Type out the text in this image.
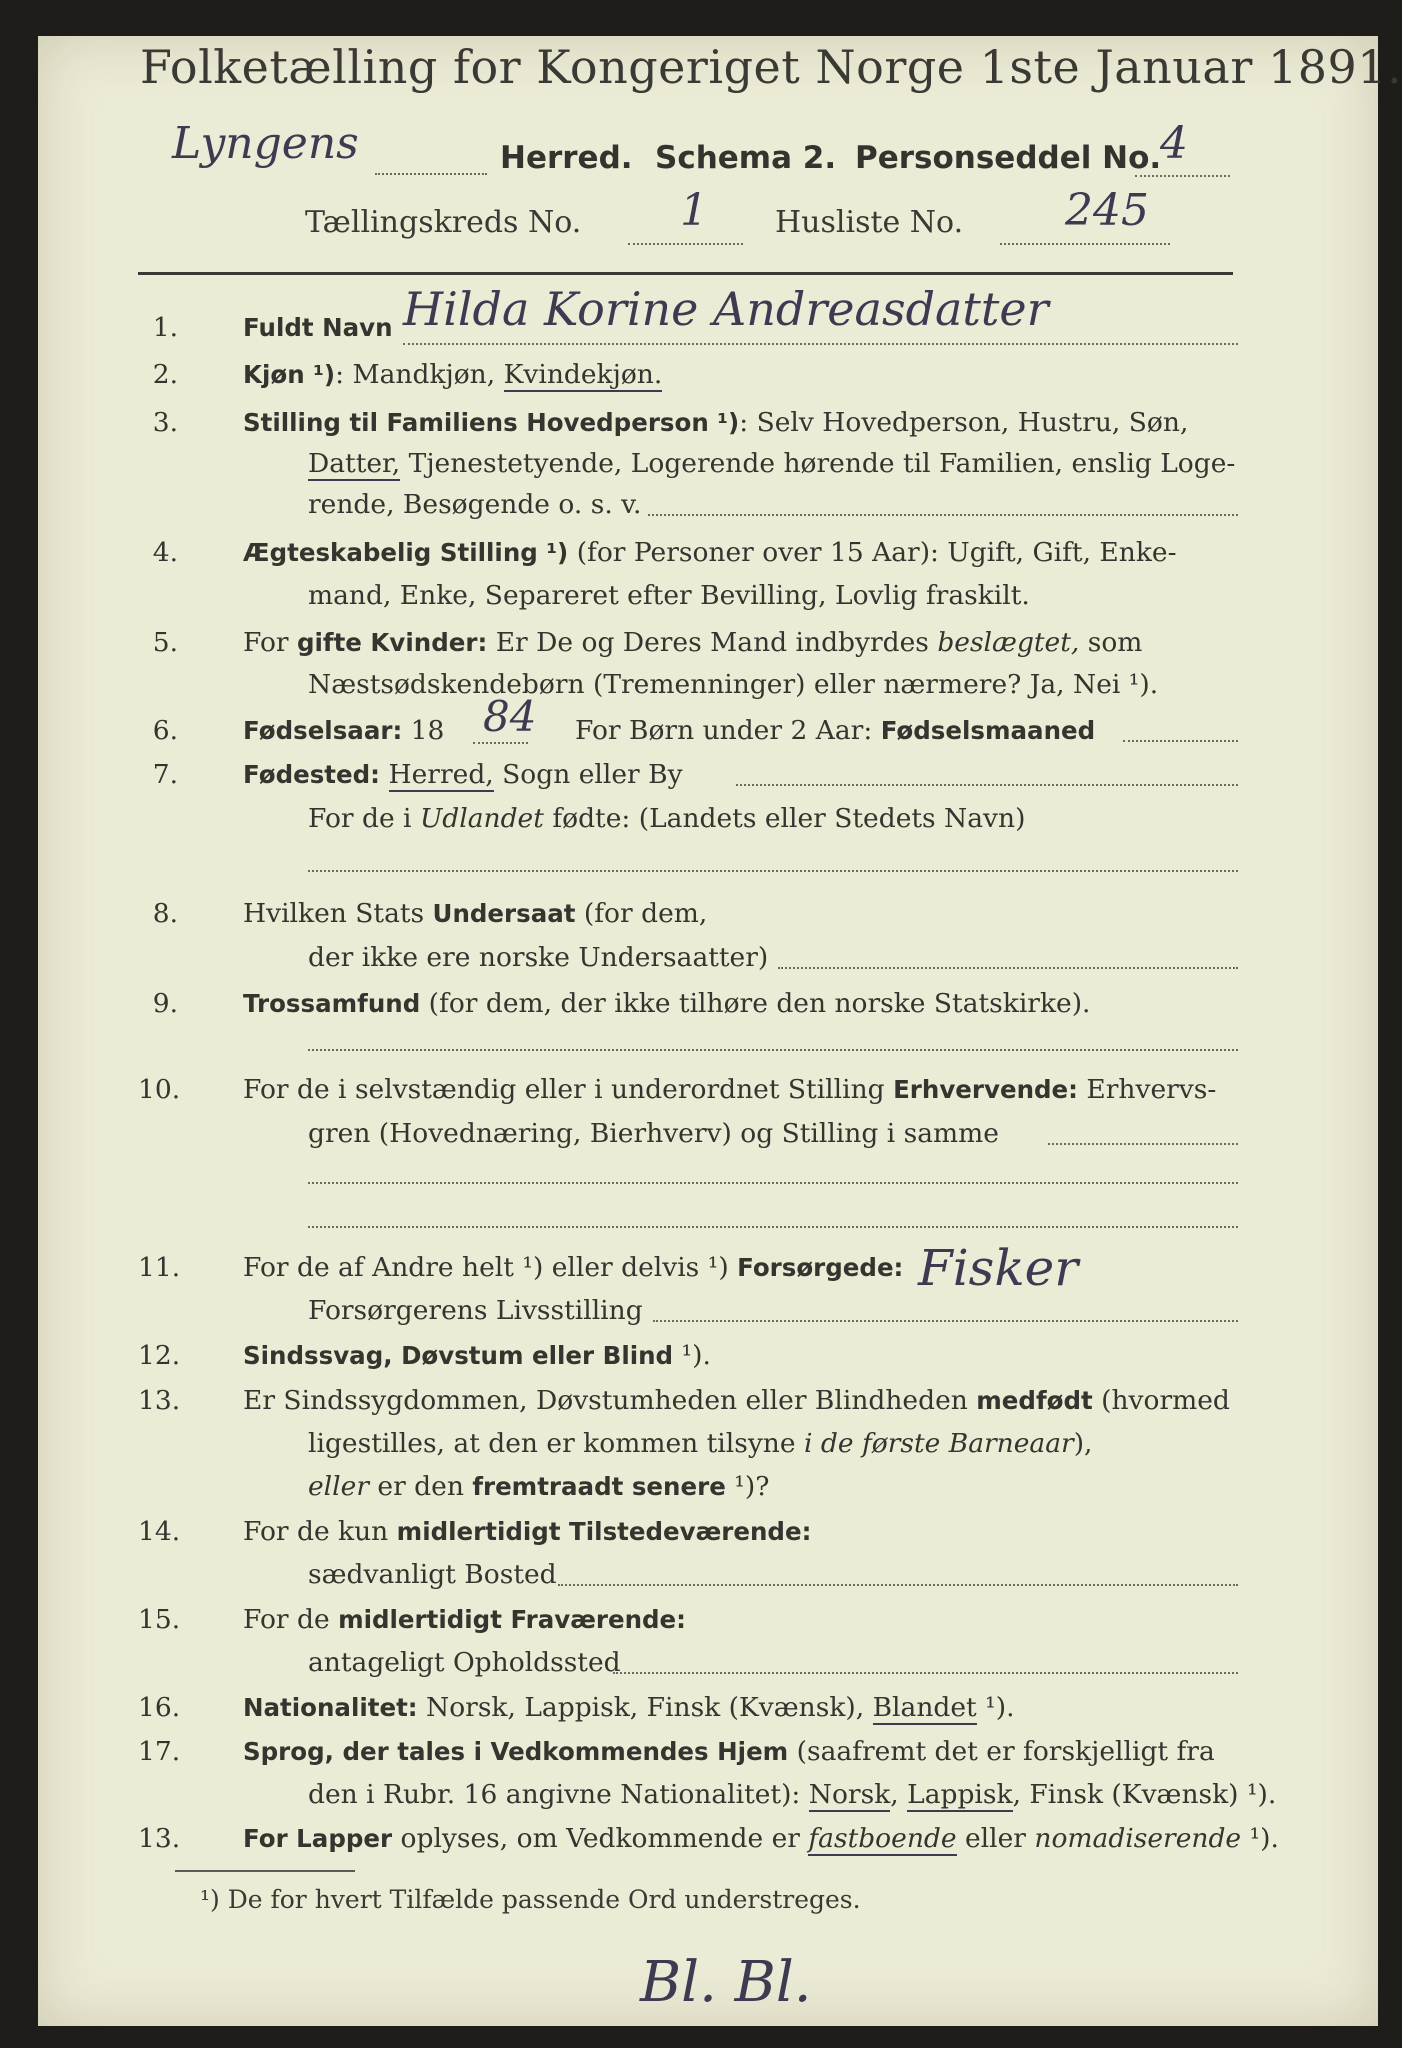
Folketælling for Kongeriget Norge 1ste Januar 1891.
Lyngens	Herred. Schema 2. Personseddel No.
4
Tællingskreds No. 1 Husliste No. 245
1.	Fuldt Navn Hilda Korine Andreasdatter
2.	Kjøn ¹): Mandkjøn, Kvindekjøn.
3.	Stilling til Familiens Hovedperson ¹): Selv Hovedperson, Hustru, Søn,
Datter, Tjenestetyende, Logerende hørende til Familien, enslig Loge-
rende, Besøgende o. s. v.
4.	Ægteskabelig Stilling ¹) (for Personer over 15 Aar): Ugift, Gift, Enke-
mand, Enke, Separeret efter Bevilling, Lovlig fraskilt.
5. For gifte Kvinder: Er De og Deres Mand indbyrdes beslægtet, som
Næstsødskendebørn (Tremenninger) eller nærmere? Ja, Nei ¹).
6.	Fødselsaar: 18 84 For Børn under 2 Aar: Fødselsmaaned
7.	Fødested: Herred, Sogn eller By
For de i Udlandet fødte: (Landets eller Stedets Navn)
8. Hvilken Stats Undersaat (for dem,
der ikke ere norske Undersaatter)
9.	Trossamfund (for dem, der ikke tilhøre den norske Statskirke).
10. For de i selvstændig eller i underordnet Stilling Erhvervende: Erhvervs-
gren (Hovednæring, Bierhverv) og Stilling i samme
11. For de af Andre helt ¹) eller delvis ¹) Forsørgede:
Forsørgerens Livsstilling
Fisker
12.	Sindssvag, Døvstum eller Blind ¹).
13. Er Sindssygdommen, Døvstumheden eller Blindheden medfødt (hvormed
ligestilles, at den er kommen tilsyne i de første Barneaar),
eller er den fremtraadt senere ¹)?
14. For de kun midlertidigt Tilstedeværende:
sædvanligt Bosted
15. For de midlertidigt Fraværende:
antageligt Opholdssted
16.	Nationalitet: Norsk, Lappisk, Finsk (Kvænsk), Blandet ¹).
17.	Sprog, der tales i Vedkommendes Hjem (saafremt det er forskjelligt fra
den i Rubr. 16 angivne Nationalitet): Norsk, Lappisk, Finsk (Kvænsk) ¹).
13.	For Lapper oplyses, om Vedkommende er fastboende eller nomadiserende ¹).
¹) De for hvert Tilfælde passende Ord understreges.
Bl. Bl.
